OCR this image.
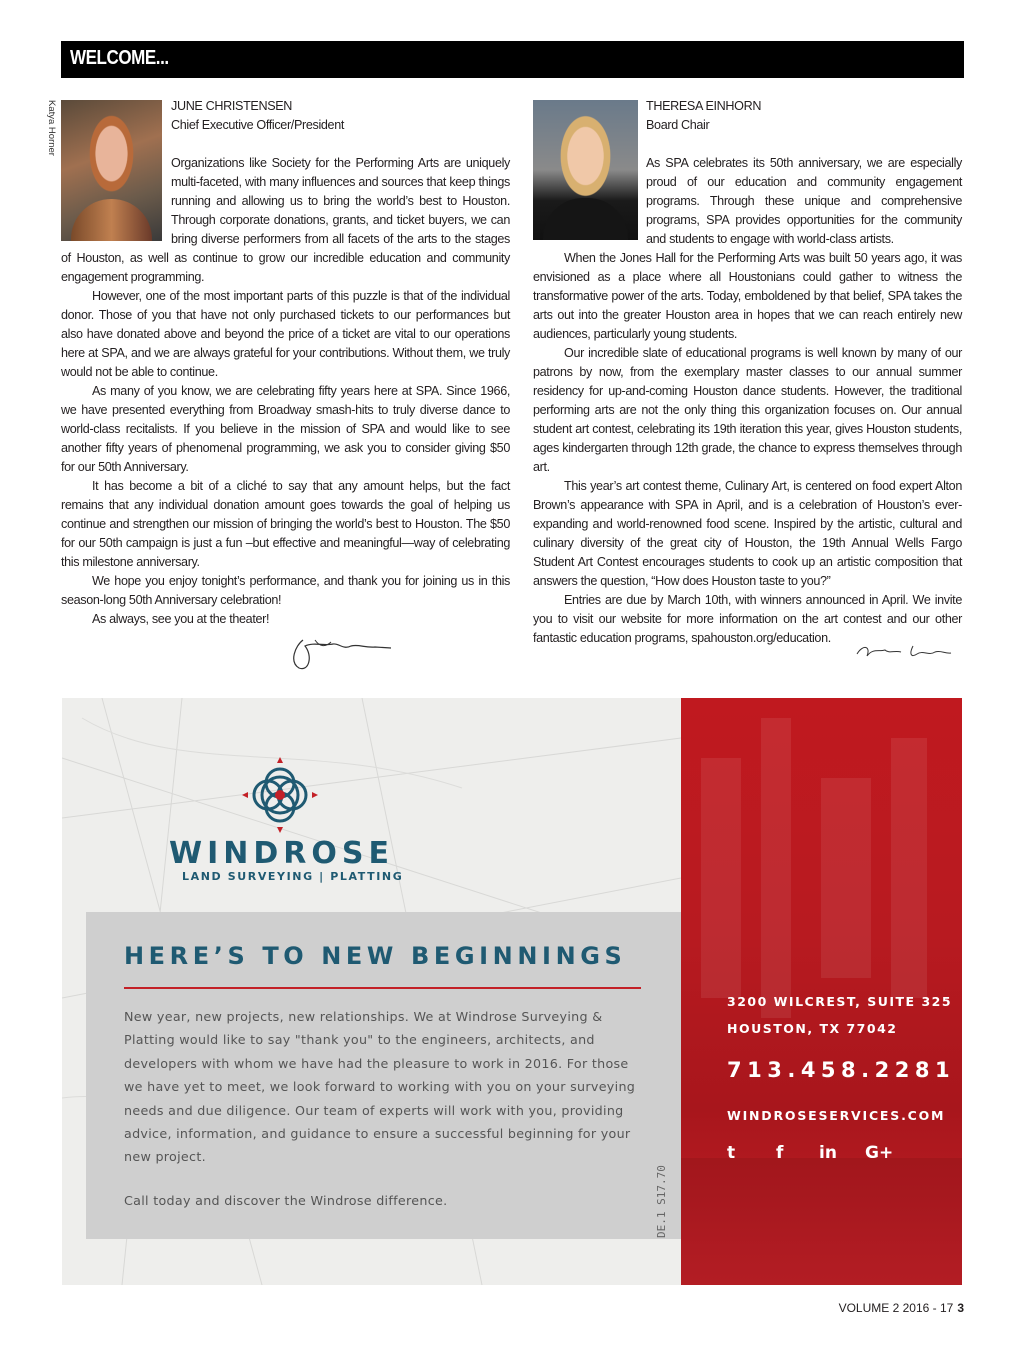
WELCOME...
Katya Horner	JUNE CHRISTENSEN
Chief Executive Officer/President

Organizations like Society for the Performing Arts are uniquely multi-faceted, with many influences and sources that keep things running and allowing us to bring the world’s best to Houston. Through corporate donations, grants, and ticket buyers, we can bring diverse performers from all facets of the arts to the stages of Houston, as well as continue to grow our incredible education and community engagement programming.

However, one of the most important parts of this puzzle is that of the individual donor. Those of you that have not only purchased tickets to our performances but also have donated above and beyond the price of a ticket are vital to our operations here at SPA, and we are always grateful for your contributions. Without them, we truly would not be able to continue.

As many of you know, we are celebrating fifty years here at SPA. Since 1966, we have presented everything from Broadway smash-hits to truly diverse dance to world-class recitalists. If you believe in the mission of SPA and would like to see another fifty years of phenomenal programming, we ask you to consider giving $50 for our 50th Anniversary.

It has become a bit of a cliché to say that any amount helps, but the fact remains that any individual donation amount goes towards the goal of helping us continue and strengthen our mission of bringing the world’s best to Houston. The $50 for our 50th campaign is just a fun –but effective and meaningful—way of celebrating this milestone anniversary.

We hope you enjoy tonight’s performance, and thank you for joining us in this season-long 50th Anniversary celebration!

As always, see you at the theater!

THERESA EINHORN
Board Chair

As SPA celebrates its 50th anniversary, we are especially proud of our education and community engagement programs. Through these unique and comprehensive programs, SPA provides opportunities for the community and students to engage with world-class artists.

When the Jones Hall for the Performing Arts was built 50 years ago, it was envisioned as a place where all Houstonians could gather to witness the transformative power of the arts. Today, emboldened by that belief, SPA takes the arts out into the greater Houston area in hopes that we can reach entirely new audiences, particularly young students.

Our incredible slate of educational programs is well known by many of our patrons by now, from the exemplary master classes to our annual summer residency for up-and-coming Houston dance students. However, the traditional performing arts are not the only thing this organization focuses on. Our annual student art contest, celebrating its 19th iteration this year, gives Houston students, ages kindergarten through 12th grade, the chance to express themselves through art.

This year’s art contest theme, Culinary Art, is centered on food expert Alton Brown’s appearance with SPA in April, and is a celebration of Houston’s ever-expanding and world-renowned food scene. Inspired by the artistic, cultural and culinary diversity of the great city of Houston, the 19th Annual Wells Fargo Student Art Contest encourages students to cook up an artistic composition that answers the question, “How does Houston taste to you?”

Entries are due by March 10th, with winners announced in April. We invite you to visit our website for more information on the art contest and our other fantastic education programs, spahouston.org/education.

WINDROSE
LAND SURVEYING | PLATTING
HERE’S TO NEW BEGINNINGS
New year, new projects, new relationships. We at Windrose Surveying & Platting would like to say "thank you" to the engineers, architects, and developers with whom we have had the pleasure to work in 2016. For those we have yet to meet, we look forward to working with you on your surveying needs and due diligence. Our team of experts will work with you, providing advice, information, and guidance to ensure a successful beginning for your new project.
Call today and discover the Windrose difference.	DE.1 S17.70
3200 WILCREST, SUITE 325
HOUSTON, TX 77042
713.458.2281
WINDROSESERVICES.COM
t f in G+
VOLUME 2 2016 - 17 3
